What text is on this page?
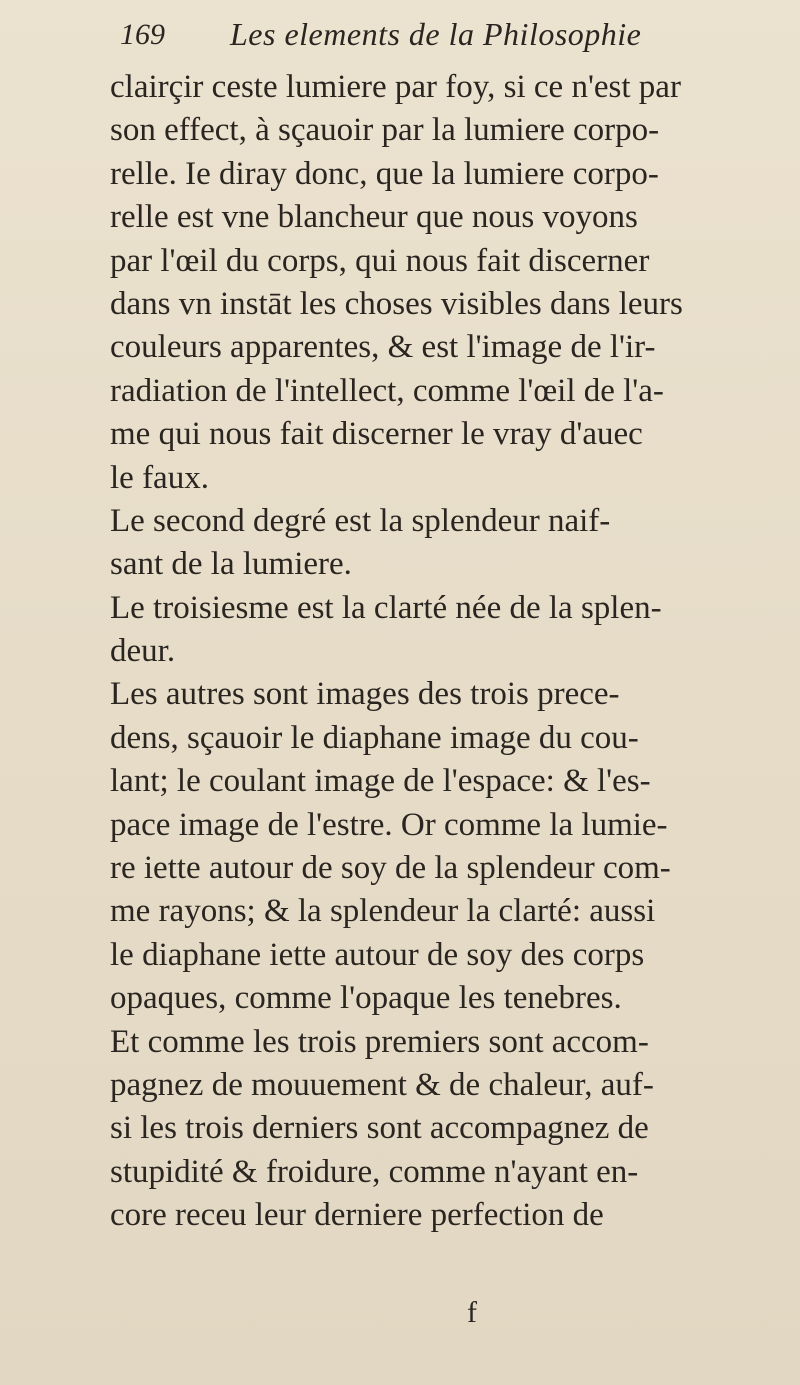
169 Les elements de la Philosophie
clairçir ceste lumiere par foy, si ce n'est par
son effect, à sçauoir par la lumiere corpo-
relle. Ie diray donc, que la lumiere corpo-
relle est vne blancheur que nous voyons
par l'œil du corps, qui nous fait discerner
dans vn instāt les choses visibles dans leurs
couleurs apparentes, & est l'image de l'ir-
radiation de l'intellect, comme l'œil de l'a-
me qui nous fait discerner le vray d'auec
le faux.
Le second degré est la splendeur naif-
sant de la lumiere.
Le troisiesme est la clarté née de la splen-
deur.
Les autres sont images des trois prece-
dens, sçauoir le diaphane image du cou-
lant; le coulant image de l'espace: & l'es-
pace image de l'estre. Or comme la lumie-
re iette autour de soy de la splendeur com-
me rayons; & la splendeur la clarté: aussi
le diaphane iette autour de soy des corps
opaques, comme l'opaque les tenebres.
Et comme les trois premiers sont accom-
pagnez de mouuement & de chaleur, auf-
si les trois derniers sont accompagnez de
stupidité & froidure, comme n'ayant en-
core receu leur derniere perfection de
f
